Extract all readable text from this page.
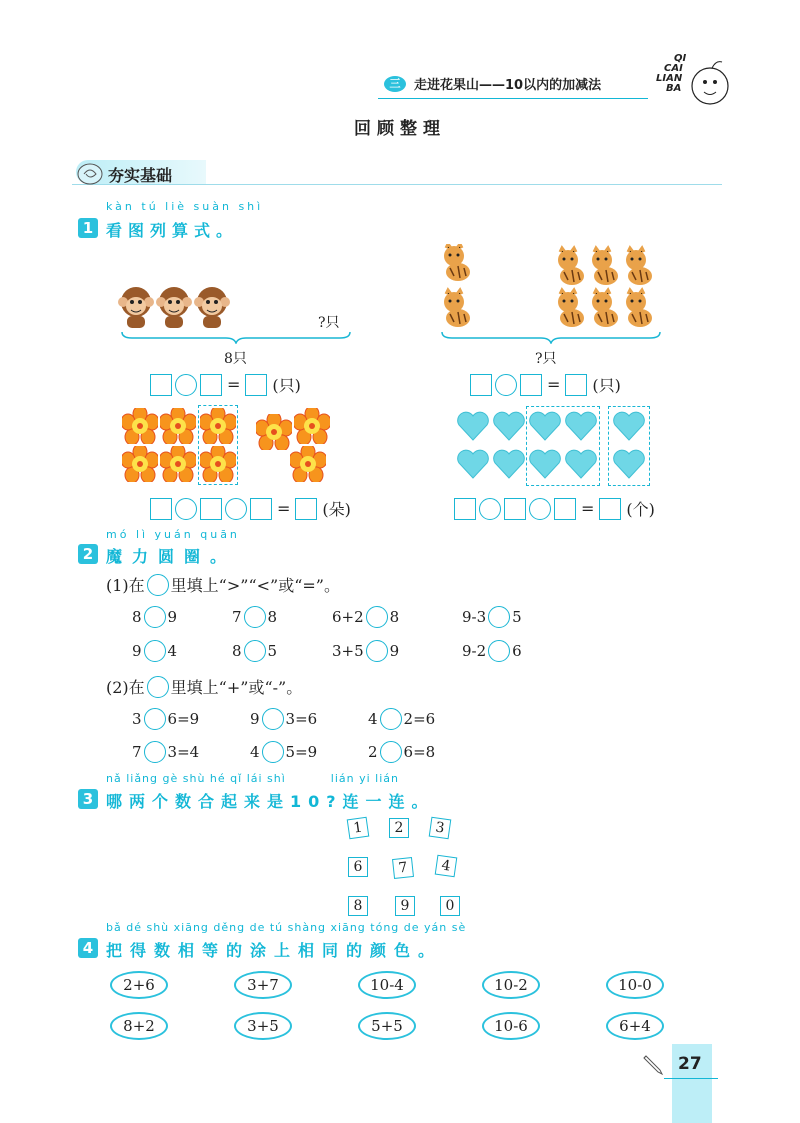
三	走进花果山——10以内的加减法
QI
CAI
LIAN
BA
回顾整理
夯实基础
kàn tú liè suàn shì
1 看图列算式。
?只
8只	?只
= (只)	= (只)
= (朵)	= (个)
mó lì yuán quān
2 魔力圆圈。
(1)在 里填上“>”“<”或“=”。
8 9	7 8	6+2 8	9-3 5
9 4	8 5	3+5 9	9-2 6
(2)在 里填上“+”或“-”。
3 6=9	9 3=6	4 2=6
7 3=4	4 5=9	2 6=8
nǎ liǎng gè shù hé qǐ lái shì          lián yi lián
3 哪两个数合起来是10?连一连。
1	2	3
6	7	4
8	9	0
bǎ dé shù xiāng děng de tú shàng xiāng tóng de yán sè
4 把得数相等的涂上相同的颜色。
2+6	3+7	10-4	10-2	10-0
8+2	3+5	5+5	10-6	6+4
27
